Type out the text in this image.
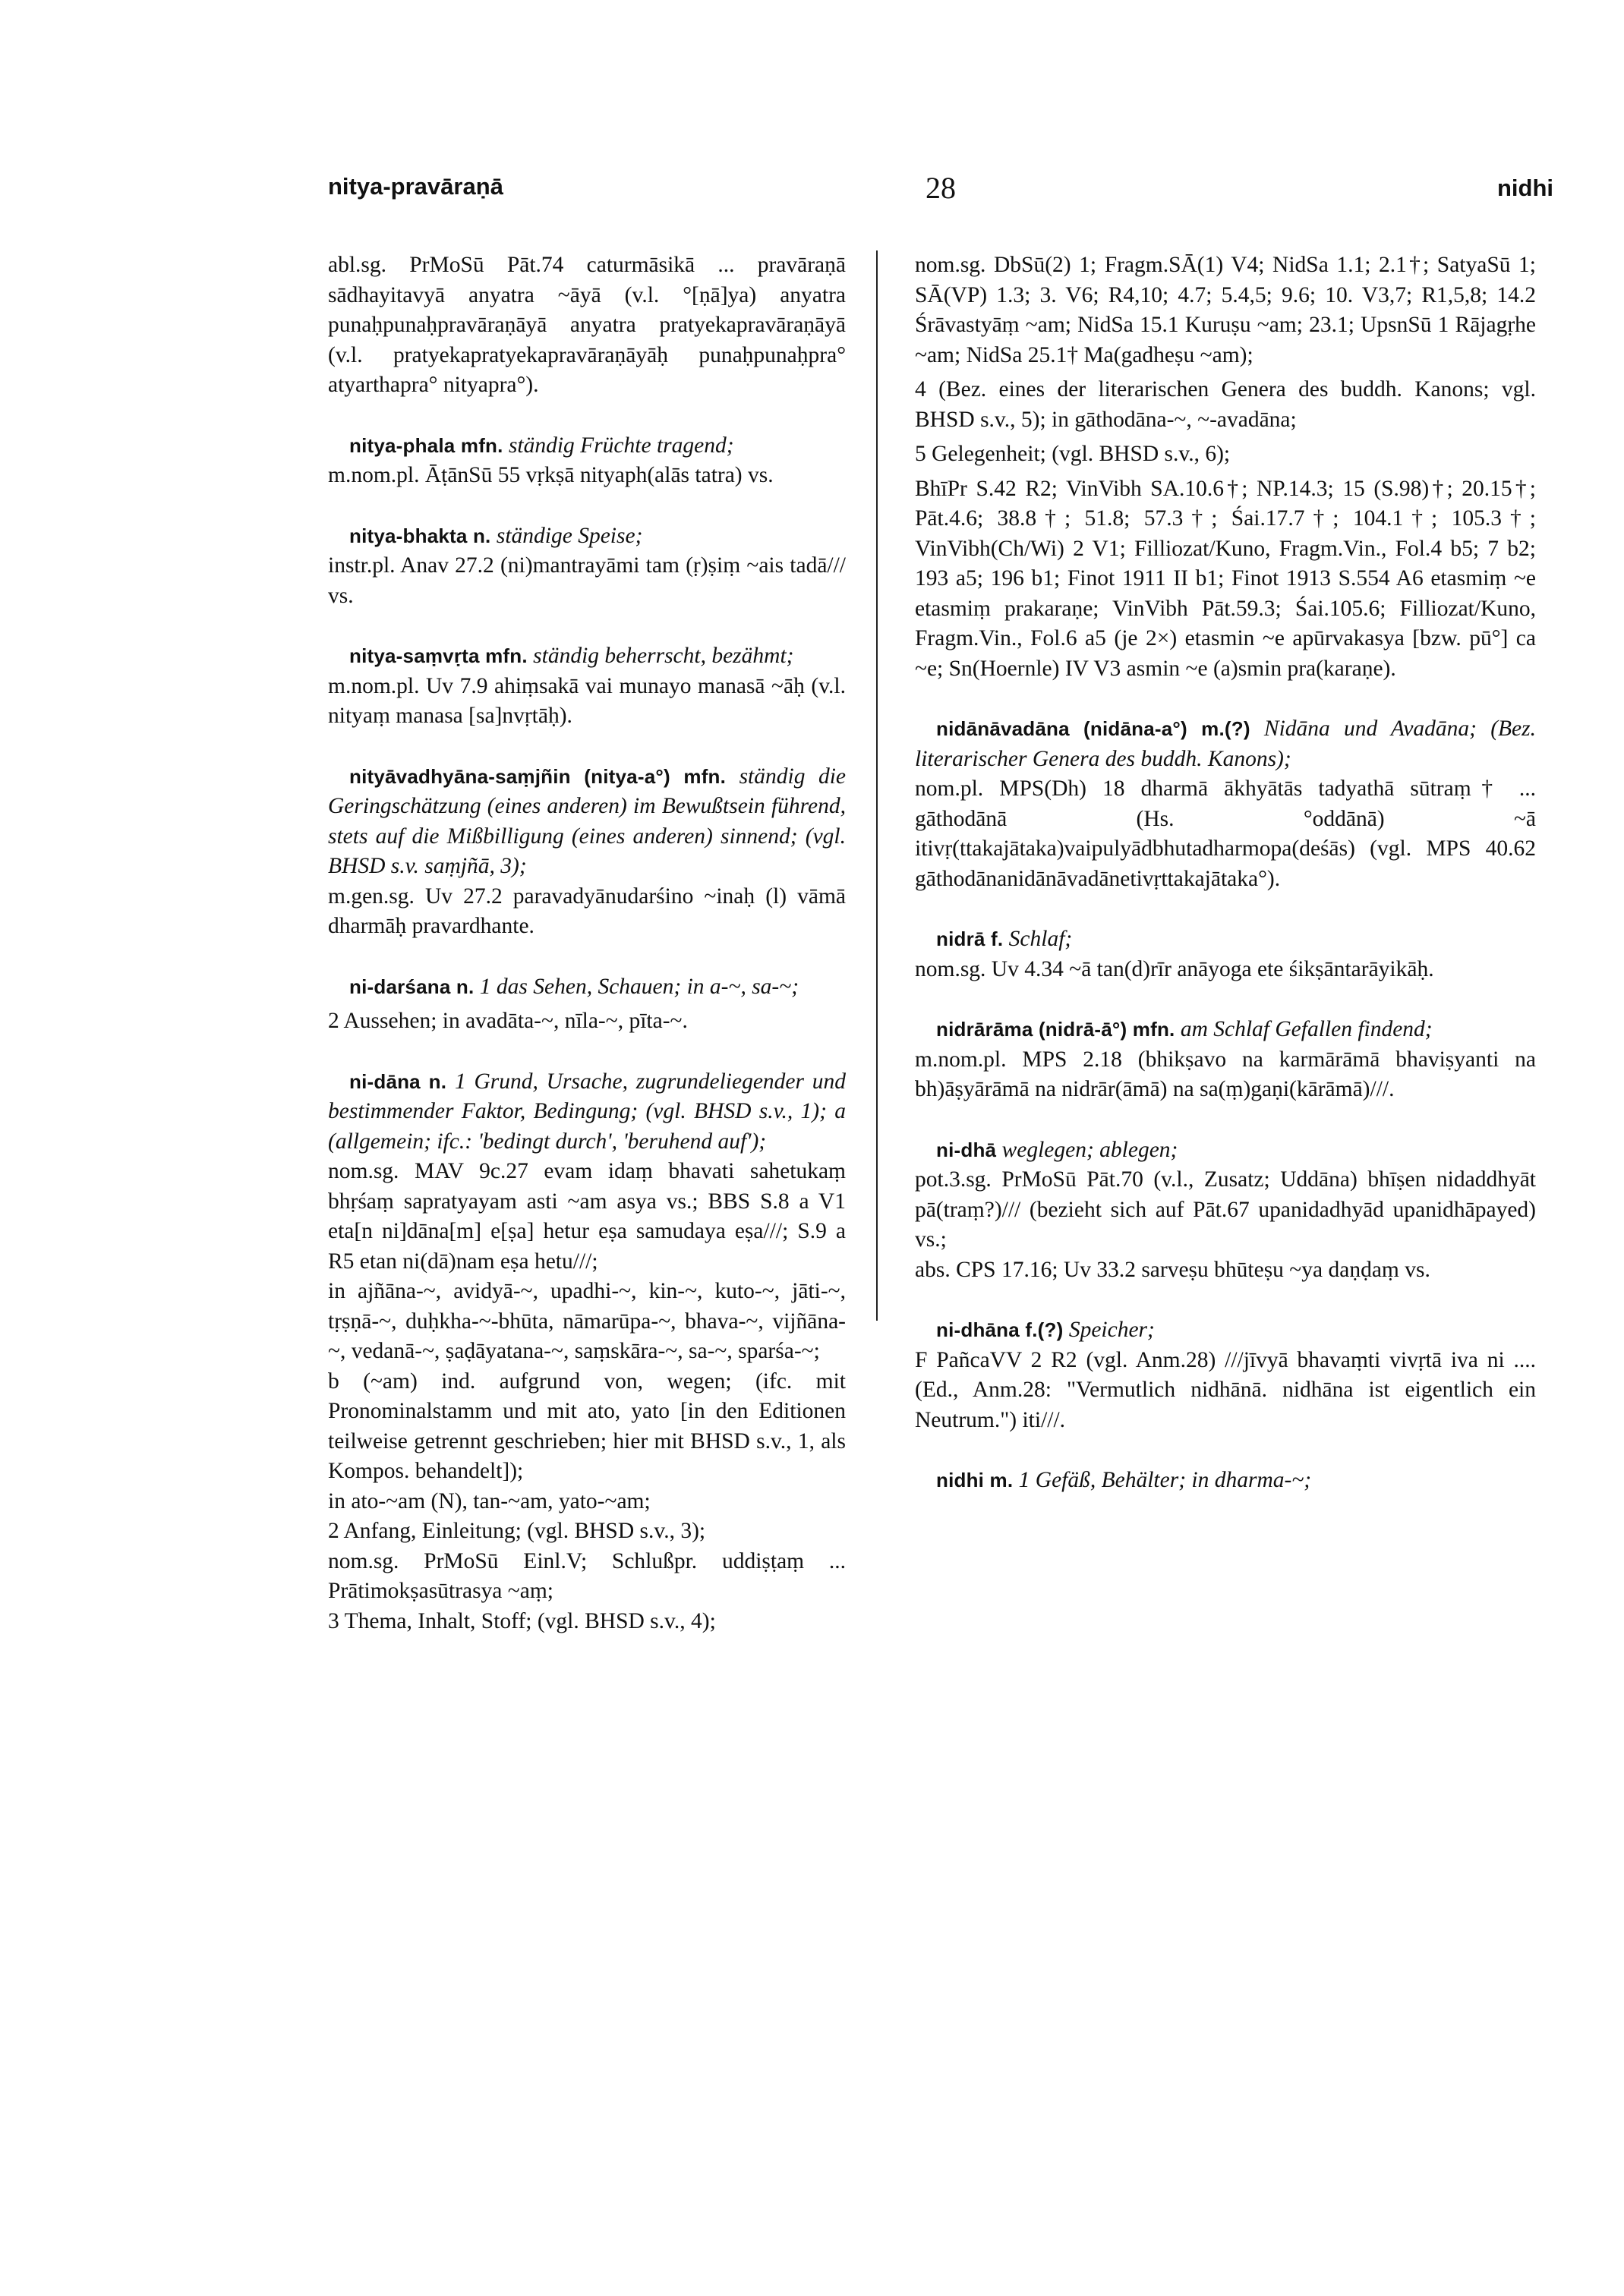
nitya-pravāraṇā	28	nidhi

abl.sg. PrMoSū Pāt.74 caturmāsikā ... pravāraṇā sādhayitavyā anyatra ~āyā (v.l. °[ṇā]ya) anyatra punaḥpunaḥpravāraṇāyā anyatra pratyekapravāraṇāyā (v.l. pratyekapratyekapravāraṇāyāḥ punaḥpunaḥpra° atyarthapra° nityapra°).

nitya-phala mfn. ständig Früchte tragend;

m.nom.pl. ĀṭānSū 55 vṛkṣā nityaph(alās tatra) vs.

nitya-bhakta n. ständige Speise;

instr.pl. Anav 27.2 (ni)mantrayāmi tam (ṛ)ṣiṃ ~ais tadā/// vs.

nitya-saṃvṛta mfn. ständig beherrscht, bezähmt;

m.nom.pl. Uv 7.9 ahiṃsakā vai munayo manasā ~āḥ (v.l. nityaṃ manasa [sa]nvṛtāḥ).

nityāvadhyāna-saṃjñin (nitya-a°) mfn. ständig die Geringschätzung (eines anderen) im Bewußtsein führend, stets auf die Mißbilligung (eines anderen) sinnend; (vgl. BHSD s.v. saṃjñā, 3);

m.gen.sg. Uv 27.2 paravadyānudarśino ~inaḥ (l) vāmā dharmāḥ pravardhante.

ni-darśana n. 1 das Sehen, Schauen; in a-~, sa-~;

2 Aussehen; in avadāta-~, nīla-~, pīta-~.

ni-dāna n. 1 Grund, Ursache, zugrundeliegender und bestimmender Faktor, Bedingung; (vgl. BHSD s.v., 1); a (allgemein; ifc.: 'bedingt durch', 'beruhend auf');

nom.sg. MAV 9c.27 evam idaṃ bhavati sahetukaṃ bhṛśaṃ sapratyayam asti ~am asya vs.; BBS S.8 a V1 eta[n ni]dāna[m] e[ṣa] hetur eṣa samudaya eṣa///; S.9 a R5 etan ni(dā)nam eṣa hetu///;

in ajñāna-~, avidyā-~, upadhi-~, kin-~, kuto-~, jāti-~, tṛṣṇā-~, duḥkha-~-bhūta, nāmarūpa-~, bhava-~, vijñāna-~, vedanā-~, ṣaḍāyatana-~, saṃskāra-~, sa-~, sparśa-~;

b (~am) ind. aufgrund von, wegen; (ifc. mit Pronominalstamm und mit ato, yato [in den Editionen teilweise getrennt geschrieben; hier mit BHSD s.v., 1, als Kompos. behandelt]);

in ato-~am (N), tan-~am, yato-~am;

2 Anfang, Einleitung; (vgl. BHSD s.v., 3);

nom.sg. PrMoSū Einl.V; Schlußpr. uddiṣṭaṃ ... Prātimokṣasūtrasya ~aṃ;

3 Thema, Inhalt, Stoff; (vgl. BHSD s.v., 4);

nom.sg. DbSū(2) 1; Fragm.SĀ(1) V4; NidSa 1.1; 2.1†; SatyaSū 1; SĀ(VP) 1.3; 3. V6; R4,10; 4.7; 5.4,5; 9.6; 10. V3,7; R1,5,8; 14.2 Śrāvastyāṃ ~am; NidSa 15.1 Kuruṣu ~am; 23.1; UpsnSū 1 Rājagṛhe ~am; NidSa 25.1† Ma(gadheṣu ~am);

4 (Bez. eines der literarischen Genera des buddh. Kanons; vgl. BHSD s.v., 5); in gāthodāna-~, ~-avadāna;

5 Gelegenheit; (vgl. BHSD s.v., 6);

BhīPr S.42 R2; VinVibh SA.10.6†; NP.14.3; 15 (S.98)†; 20.15†; Pāt.4.6; 38.8†; 51.8; 57.3†; Śai.17.7†; 104.1†; 105.3†; VinVibh(Ch/Wi) 2 V1; Filliozat/Kuno, Fragm.Vin., Fol.4 b5; 7 b2; 193 a5; 196 b1; Finot 1911 II b1; Finot 1913 S.554 A6 etasmiṃ ~e etasmiṃ prakaraṇe; VinVibh Pāt.59.3; Śai.105.6; Filliozat/Kuno, Fragm.Vin., Fol.6 a5 (je 2×) etasmin ~e apūrvakasya [bzw. pū°] ca ~e; Sn(Hoernle) IV V3 asmin ~e (a)smin pra(karaṇe).

nidānāvadāna (nidāna-a°) m.(?) Nidāna und Avadāna; (Bez. literarischer Genera des buddh. Kanons);

nom.pl. MPS(Dh) 18 dharmā ākhyātās tadyathā sūtraṃ† ... gāthodānā (Hs. °oddānā) ~ā itivṛ(ttakajātaka)vaipulyādbhutadharmopa(deśās) (vgl. MPS 40.62 gāthodānanidānāvadānetivṛttakajātaka°).

nidrā f. Schlaf;

nom.sg. Uv 4.34 ~ā tan(d)rīr anāyoga ete śikṣāntarāyikāḥ.

nidrārāma (nidrā-ā°) mfn. am Schlaf Gefallen findend;

m.nom.pl. MPS 2.18 (bhikṣavo na karmārāmā bhaviṣyanti na bh)āṣyārāmā na nidrār(āmā) na sa(ṃ)gaṇi(kārāmā)///.

ni-dhā weglegen; ablegen;

pot.3.sg. PrMoSū Pāt.70 (v.l., Zusatz; Uddāna) bhīṣen nidaddhyāt pā(traṃ?)/// (bezieht sich auf Pāt.67 upanidadhyād upanidhāpayed) vs.;

abs. CPS 17.16; Uv 33.2 sarveṣu bhūteṣu ~ya daṇḍaṃ vs.

ni-dhāna f.(?) Speicher;

F PañcaVV 2 R2 (vgl. Anm.28) ///jīvyā bhavaṃti vivṛtā iva ni .... (Ed., Anm.28: "Vermutlich nidhānā. nidhāna ist eigentlich ein Neutrum.") iti///.

nidhi m. 1 Gefäß, Behälter; in dharma-~;
